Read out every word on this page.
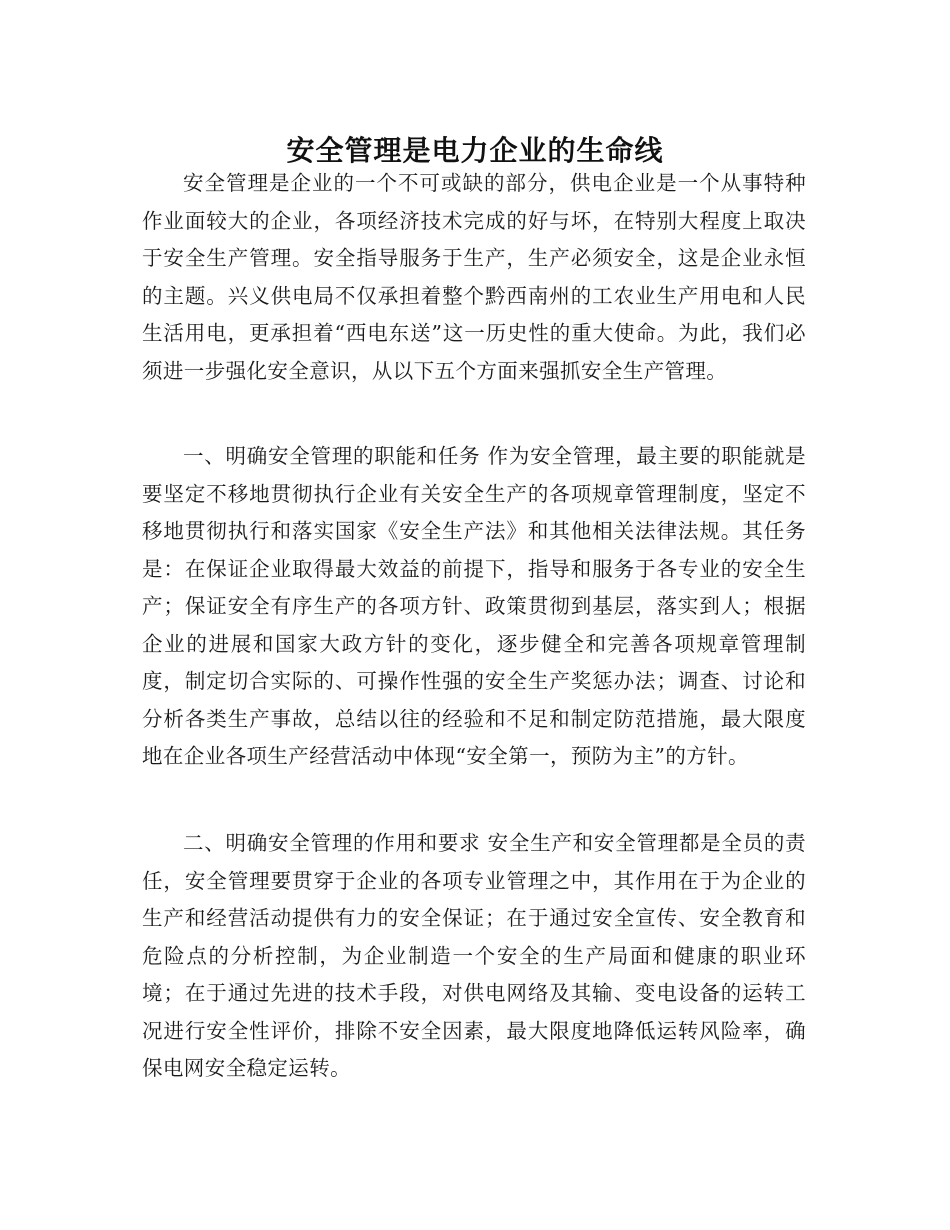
安全管理是电力企业的生命线

安全管理是企业的一个不可或缺的部分，供电企业是一个从事特种作业面较大的企业，各项经济技术完成的好与坏，在特别大程度上取决于安全生产管理。安全指导服务于生产，生产必须安全，这是企业永恒的主题。兴义供电局不仅承担着整个黔西南州的工农业生产用电和人民生活用电，更承担着“西电东送”这一历史性的重大使命。为此，我们必须进一步强化安全意识，从以下五个方面来强抓安全生产管理。

一、明确安全管理的职能和任务 作为安全管理，最主要的职能就是要坚定不移地贯彻执行企业有关安全生产的各项规章管理制度，坚定不移地贯彻执行和落实国家《安全生产法》和其他相关法律法规。其任务是：在保证企业取得最大效益的前提下，指导和服务于各专业的安全生产；保证安全有序生产的各项方针、政策贯彻到基层，落实到人；根据企业的进展和国家大政方针的变化，逐步健全和完善各项规章管理制度，制定切合实际的、可操作性强的安全生产奖惩办法；调查、讨论和分析各类生产事故，总结以往的经验和不足和制定防范措施，最大限度地在企业各项生产经营活动中体现“安全第一，预防为主”的方针。

二、明确安全管理的作用和要求 安全生产和安全管理都是全员的责任，安全管理要贯穿于企业的各项专业管理之中，其作用在于为企业的生产和经营活动提供有力的安全保证；在于通过安全宣传、安全教育和危险点的分析控制，为企业制造一个安全的生产局面和健康的职业环境；在于通过先进的技术手段，对供电网络及其输、变电设备的运转工况进行安全性评价，排除不安全因素，最大限度地降低运转风险率，确保电网安全稳定运转。
